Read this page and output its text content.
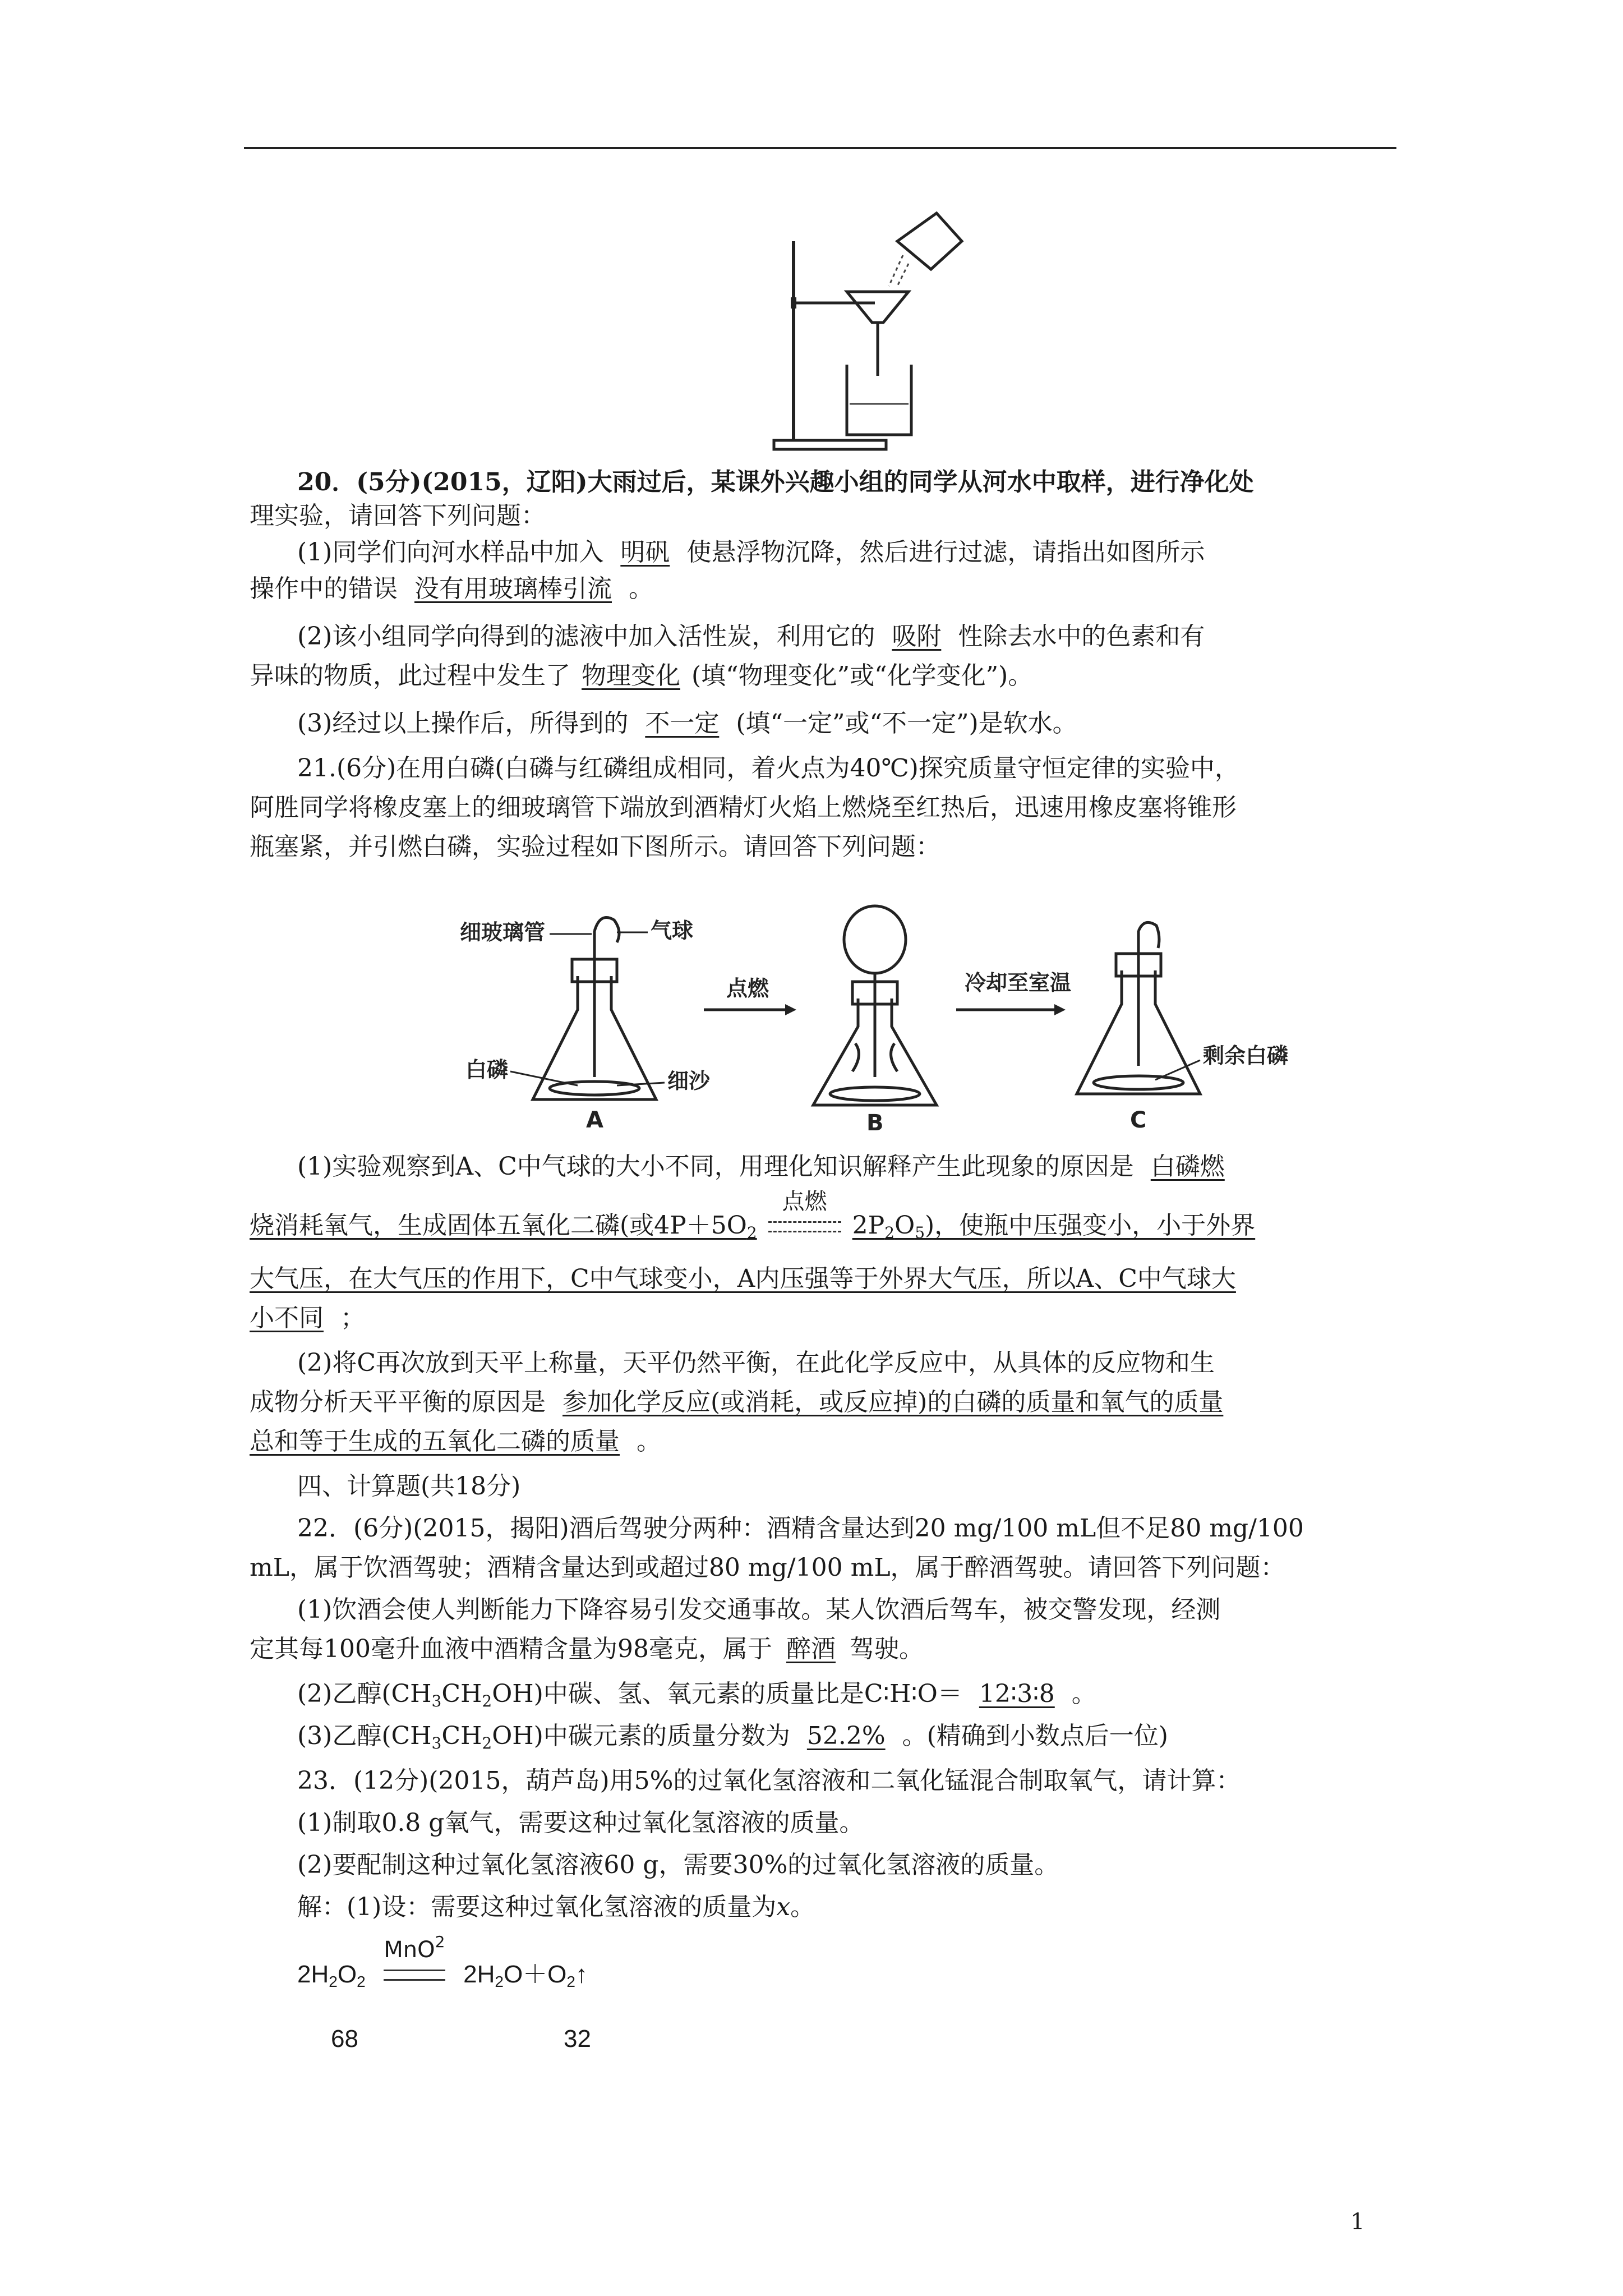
20．(5分)(2015，辽阳)大雨过后，某课外兴趣小组的同学从河水中取样，进行净化处
理实验，请回答下列问题：
(1)同学们向河水样品中加入 明矾 使悬浮物沉降，然后进行过滤，请指出如图所示
操作中的错误 没有用玻璃棒引流 。
(2)该小组同学向得到的滤液中加入活性炭，利用它的 吸附 性除去水中的色素和有
异味的物质，此过程中发生了 物理变化 (填“物理变化”或“化学变化”)。
(3)经过以上操作后，所得到的 不一定 (填“一定”或“不一定”)是软水。
21.(6分)在用白磷(白磷与红磷组成相同，着火点为40℃)探究质量守恒定律的实验中，
阿胜同学将橡皮塞上的细玻璃管下端放到酒精灯火焰上燃烧至红热后，迅速用橡皮塞将锥形
瓶塞紧，并引燃白磷，实验过程如下图所示。请回答下列问题：
细玻璃管	气球
白磷	细沙
A
点燃
B
冷却至室温
剩余白磷
C
(1)实验观察到A、C中气球的大小不同，用理化知识解释产生此现象的原因是 白磷燃
烧消耗氧气，生成固体五氧化二磷(或$4P+5O_2$
点燃
$2P_2O_5$)，使瓶中压强变小，小于外界
大气压，在大气压的作用下，C中气球变小，A内压强等于外界大气压，所以A、C中气球大
小不同 ；
(2)将C再次放到天平上称量，天平仍然平衡，在此化学反应中，从具体的反应物和生
成物分析天平平衡的原因是 参加化学反应(或消耗，或反应掉)的白磷的质量和氧气的质量
总和等于生成的五氧化二磷的质量 。
四、计算题(共18分)
22．(6分)(2015，揭阳)酒后驾驶分两种：酒精含量达到20 mg/100 mL但不足80 mg/100
mL，属于饮酒驾驶；酒精含量达到或超过80 mg/100 mL，属于醉酒驾驶。请回答下列问题：
(1)饮酒会使人判断能力下降容易引发交通事故。某人饮酒后驾车，被交警发现，经测
定其每100毫升血液中酒精含量为98毫克，属于 醉酒 驾驶。
(2)乙醇$(CH_3CH_2OH)$中碳、氢、氧元素的质量比是C∶H∶O＝ 12∶3∶8 。
(3)乙醇$(CH_3CH_2OH)$中碳元素的质量分数为 52.2% 。(精确到小数点后一位)
23．(12分)(2015，葫芦岛)用5%的过氧化氢溶液和二氧化锰混合制取氧气，请计算：
(1)制取0.8 g氧气，需要这种过氧化氢溶液的质量。
(2)要配制这种过氧化氢溶液60 g，需要30%的过氧化氢溶液的质量。
解：(1)设：需要这种过氧化氢溶液的质量为x。
$2H_2O_2$
MnO$^2$
$2H_2O+O_2↑$
68	32
1
